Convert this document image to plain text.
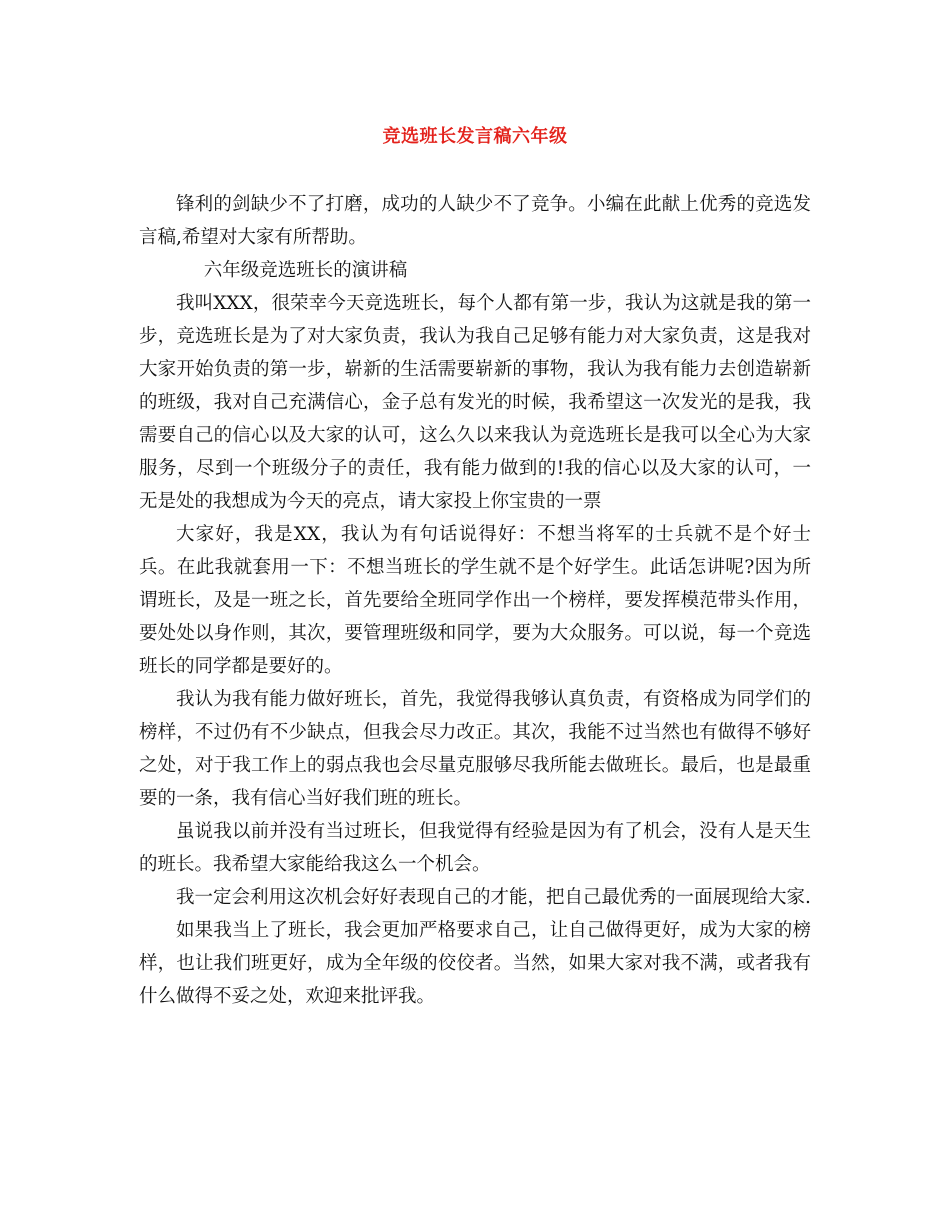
竞选班长发言稿六年级

锋利的剑缺少不了打磨，成功的人缺少不了竞争。小编在此献上优秀的竞选发言稿,希望对大家有所帮助。

六年级竞选班长的演讲稿

我叫XXX，很荣幸今天竞选班长，每个人都有第一步，我认为这就是我的第一步，竞选班长是为了对大家负责，我认为我自己足够有能力对大家负责，这是我对大家开始负责的第一步，崭新的生活需要崭新的事物，我认为我有能力去创造崭新的班级，我对自己充满信心，金子总有发光的时候，我希望这一次发光的是我，我需要自己的信心以及大家的认可，这么久以来我认为竞选班长是我可以全心为大家服务，尽到一个班级分子的责任，我有能力做到的!我的信心以及大家的认可，一无是处的我想成为今天的亮点，请大家投上你宝贵的一票

大家好，我是XX，我认为有句话说得好：不想当将军的士兵就不是个好士兵。在此我就套用一下：不想当班长的学生就不是个好学生。此话怎讲呢?因为所谓班长，及是一班之长，首先要给全班同学作出一个榜样，要发挥模范带头作用，要处处以身作则，其次，要管理班级和同学，要为大众服务。可以说，每一个竞选班长的同学都是要好的。

我认为我有能力做好班长，首先，我觉得我够认真负责，有资格成为同学们的榜样，不过仍有不少缺点，但我会尽力改正。其次，我能不过当然也有做得不够好之处，对于我工作上的弱点我也会尽量克服够尽我所能去做班长。最后，也是最重要的一条，我有信心当好我们班的班长。

虽说我以前并没有当过班长，但我觉得有经验是因为有了机会，没有人是天生的班长。我希望大家能给我这么一个机会。

我一定会利用这次机会好好表现自己的才能，把自己最优秀的一面展现给大家.

如果我当上了班长，我会更加严格要求自己，让自己做得更好，成为大家的榜样，也让我们班更好，成为全年级的佼佼者。当然，如果大家对我不满，或者我有什么做得不妥之处，欢迎来批评我。
